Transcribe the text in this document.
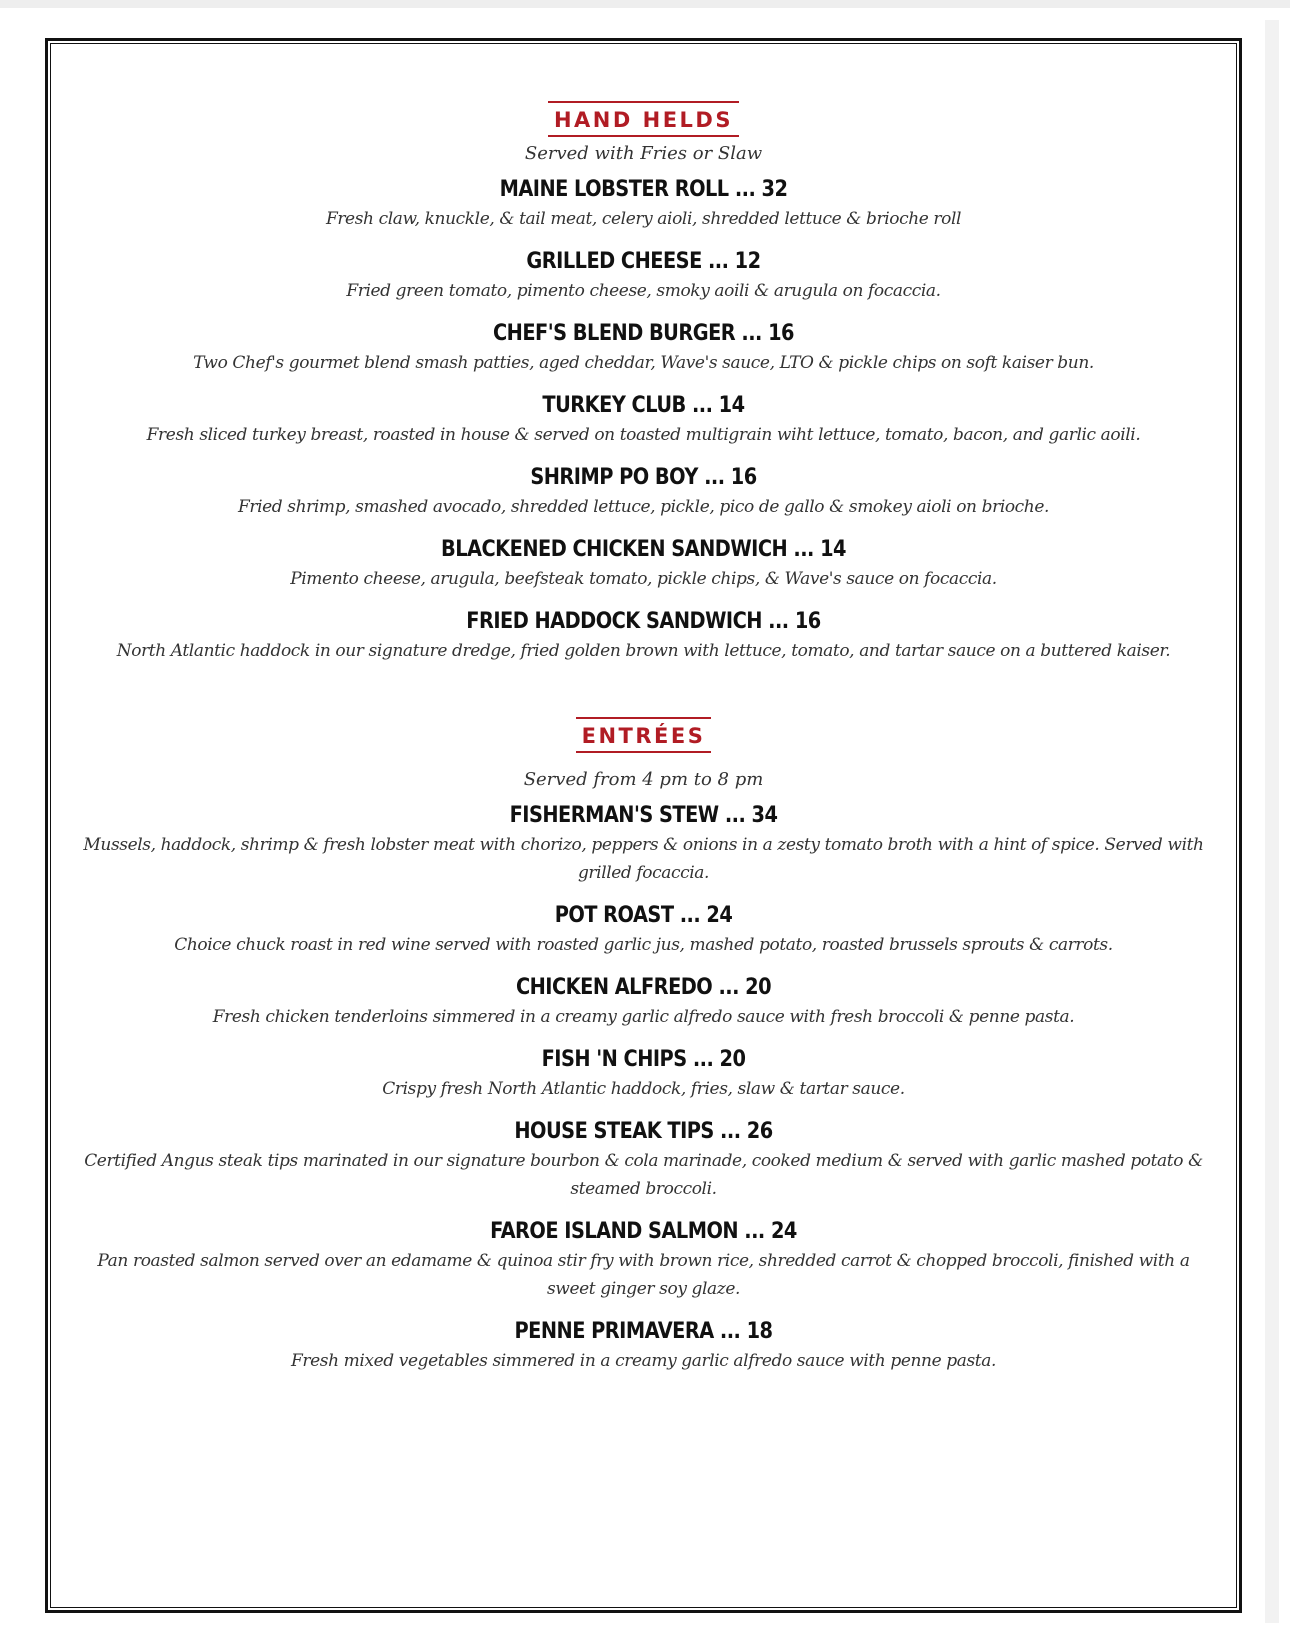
HAND HELDS
Served with Fries or Slaw
MAINE LOBSTER ROLL ... 32
Fresh claw, knuckle, & tail meat, celery aioli, shredded lettuce & brioche roll
GRILLED CHEESE ... 12
Fried green tomato, pimento cheese, smoky aoili & arugula on focaccia.
CHEF'S BLEND BURGER ... 16
Two Chef's gourmet blend smash patties, aged cheddar, Wave's sauce, LTO & pickle chips on soft kaiser bun.
TURKEY CLUB ... 14
Fresh sliced turkey breast, roasted in house & served on toasted multigrain wiht lettuce, tomato, bacon, and garlic aoili.
SHRIMP PO BOY ... 16
Fried shrimp, smashed avocado, shredded lettuce, pickle, pico de gallo & smokey aioli on brioche.
BLACKENED CHICKEN SANDWICH ... 14
Pimento cheese, arugula, beefsteak tomato, pickle chips, & Wave's sauce on focaccia.
FRIED HADDOCK SANDWICH ... 16
North Atlantic haddock in our signature dredge, fried golden brown with lettuce, tomato, and tartar sauce on a buttered kaiser.
ENTRÉES
Served from 4 pm to 8 pm
FISHERMAN'S STEW ... 34
Mussels, haddock, shrimp & fresh lobster meat with chorizo, peppers & onions in a zesty tomato broth with a hint of spice. Served with grilled focaccia.
POT ROAST ... 24
Choice chuck roast in red wine served with roasted garlic jus, mashed potato, roasted brussels sprouts & carrots.
CHICKEN ALFREDO ... 20
Fresh chicken tenderloins simmered in a creamy garlic alfredo sauce with fresh broccoli & penne pasta.
FISH 'N CHIPS ... 20
Crispy fresh North Atlantic haddock, fries, slaw & tartar sauce.
HOUSE STEAK TIPS ... 26
Certified Angus steak tips marinated in our signature bourbon & cola marinade, cooked medium & served with garlic mashed potato & steamed broccoli.
FAROE ISLAND SALMON ... 24
Pan roasted salmon served over an edamame & quinoa stir fry with brown rice, shredded carrot & chopped broccoli, finished with a sweet ginger soy glaze.
PENNE PRIMAVERA ... 18
Fresh mixed vegetables simmered in a creamy garlic alfredo sauce with penne pasta.
